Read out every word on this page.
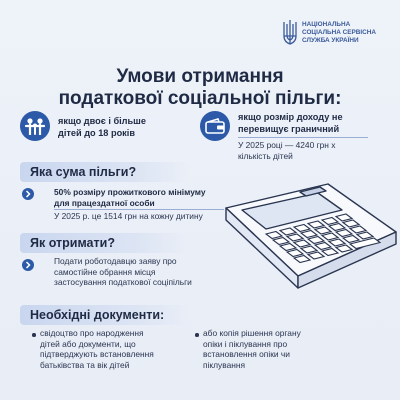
НАЦІОНАЛЬНА
СОЦІАЛЬНА СЕРВІСНА
СЛУЖБА УКРАЇНИ
Умови отримання
податкової соціальної пільги:
якщо двоє і більше
дітей до 18 років
якщо розмір доходу не
перевищує граничний
У 2025 році — 4240 грн х
кількість дітей
Яка сума пільги?
50% розміру прожиткового мінімуму
для працездатної особи
У 2025 р. це 1514 грн на кожну дитину
Як отримати?
Подати роботодавцю заяву про
самостійне обрання місця
застосування податкової соціпільги
Необхідні документи:
свідоцтво про народження
дітей або документи, що
підтверджують встановлення
батьківства та вік дітей
або копія рішення органу
опіки і піклування про
встановлення опіки чи
піклування
